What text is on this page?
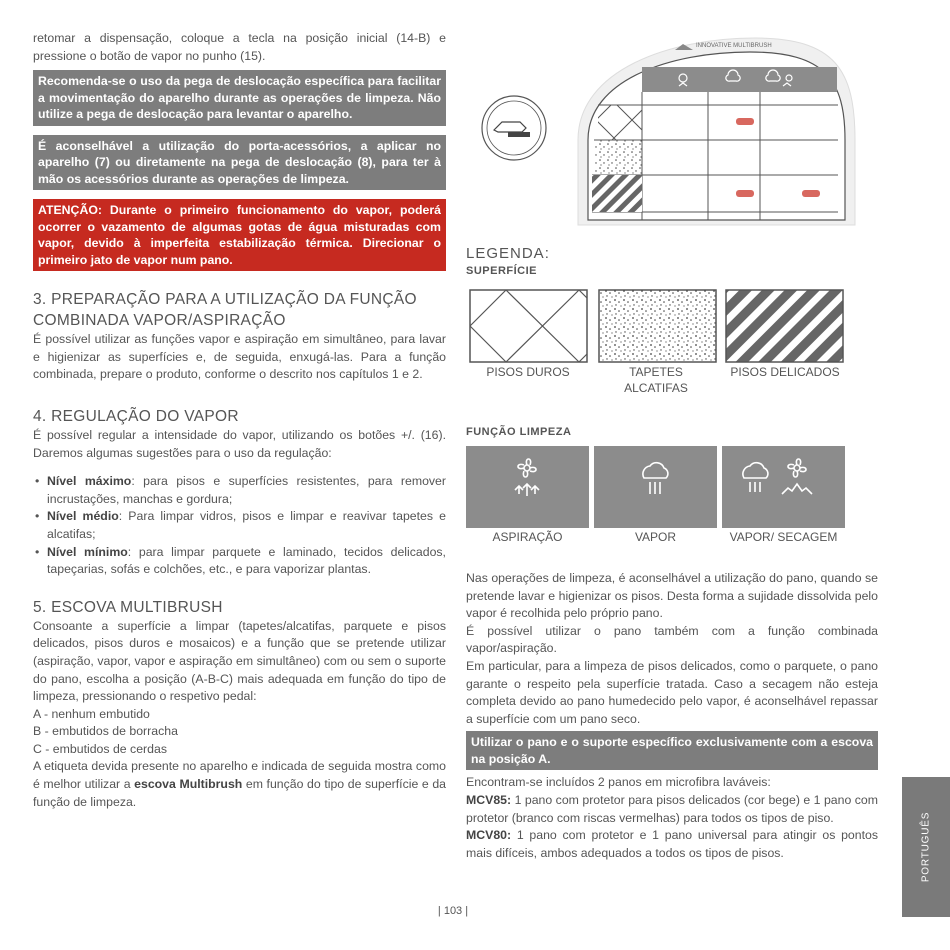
retomar a dispensação, coloque a tecla na posição inicial (14-B) e pressione o botão de vapor no punho (15).

Recomenda-se o uso da pega de deslocação específica para facilitar a movimentação do aparelho durante as operações de limpeza. Não utilize a pega de deslocação para levantar o aparelho.
É aconselhável a utilização do porta-acessórios, a aplicar no aparelho (7) ou diretamente na pega de deslocação (8), para ter à mão os acessórios durante as operações de limpeza.
ATENÇÃO: Durante o primeiro funcionamento do vapor, poderá ocorrer o vazamento de algumas gotas de água misturadas com vapor, devido à imperfeita estabilização térmica. Direcionar o primeiro jato de vapor num pano.
3. PREPARAÇÃO PARA A UTILIZAÇÃO DA FUNÇÃO COMBINADA VAPOR/ASPIRAÇÃO

É possível utilizar as funções vapor e aspiração em simultâneo, para lavar e higienizar as superfícies e, de seguida, enxugá-las. Para a função combinada, prepare o produto, conforme o descrito nos capítulos 1 e 2.

4. REGULAÇÃO DO VAPOR

É possível regular a intensidade do vapor, utilizando os botões +/. (16). Daremos algumas sugestões para o uso da regulação:

• Nível máximo: para pisos e superfícies resistentes, para remover incrustações, manchas e gordura;
• Nível médio: Para limpar vidros, pisos e limpar e reavivar tapetes e alcatifas;
• Nível mínimo: para limpar parquete e laminado, tecidos delicados, tapeçarias, sofás e colchões, etc., e para vaporizar plantas.
5. ESCOVA MULTIBRUSH

Consoante a superfície a limpar (tapetes/alcatifas, parquete e pisos delicados, pisos duros e mosaicos) e a função que se pretende utilizar (aspiração, vapor, vapor e aspiração em simultâneo) com ou sem o suporte do pano, escolha a posição (A-B-C) mais adequada em função do tipo de limpeza, pressionando o respetivo pedal:

A - nenhum embutido

B - embutidos de borracha

C - embutidos de cerdas

A etiqueta devida presente no aparelho e indicada de seguida mostra como é melhor utilizar a escova Multibrush em função do tipo de superfície e da função de limpeza.

INNOVATIVE MULTIBRUSH
LEGENDA:
SUPERFÍCIE
PISOS DUROS	TAPETES ALCATIFAS
PISOS DELICADOS
FUNÇÃO LIMPEZA
ASPIRAÇÃO	VAPOR	VAPOR/ SECAGEM

Nas operações de limpeza, é aconselhável a utilização do pano, quando se pretende lavar e higienizar os pisos. Desta forma a sujidade dissolvida pelo vapor é recolhida pelo próprio pano.

É possível utilizar o pano também com a função combinada vapor/aspiração.

Em particular, para a limpeza de pisos delicados, como o parquete, o pano garante o respeito pela superfície tratada. Caso a secagem não esteja completa devido ao pano humedecido pelo vapor, é aconselhável repassar a superfície com um pano seco.

Utilizar o pano e o suporte específico exclusivamente com a escova na posição A.

Encontram-se incluídos 2 panos em microfibra laváveis:

MCV85: 1 pano com protetor para pisos delicados (cor bege) e 1 pano com protetor (branco com riscas vermelhas) para todos os tipos de piso.

MCV80: 1 pano com protetor e 1 pano universal para atingir os pontos mais difíceis, ambos adequados a todos os tipos de pisos.	PORTUGUÊS
| 103 |
